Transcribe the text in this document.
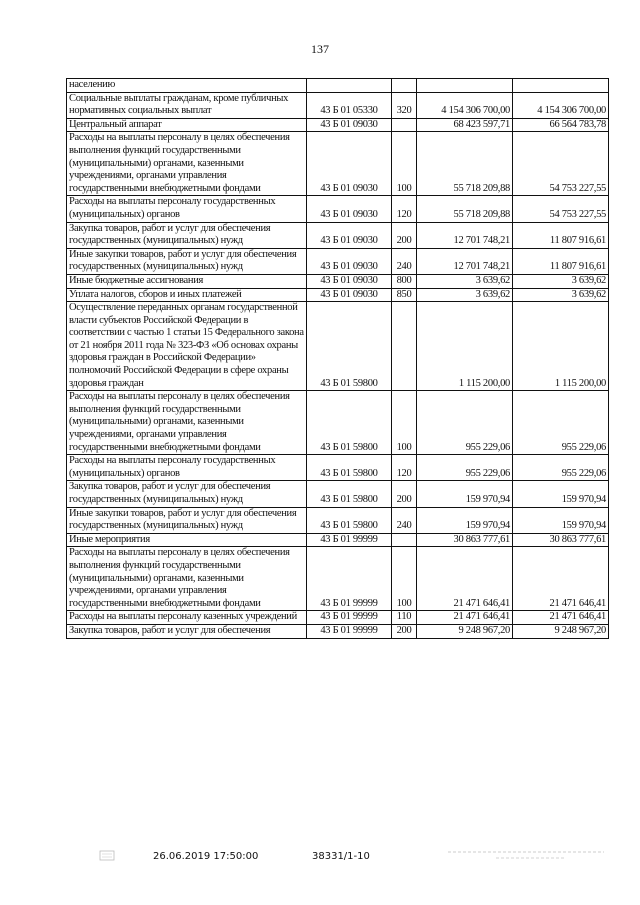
137
населению				
Социальные выплаты гражданам, кроме публичных нормативных социальных выплат	43 Б 01 05330	320	4 154 306 700,00	4 154 306 700,00
Центральный аппарат	43 Б 01 09030		68 423 597,71	66 564 783,78
Расходы на выплаты персоналу в целях обеспечения выполнения функций государственными (муниципальными) органами, казенными учреждениями, органами управления государственными внебюджетными фондами	43 Б 01 09030	100	55 718 209,88	54 753 227,55
Расходы на выплаты персоналу государственных (муниципальных) органов	43 Б 01 09030	120	55 718 209,88	54 753 227,55
Закупка товаров, работ и услуг для обеспечения государственных (муниципальных) нужд	43 Б 01 09030	200	12 701 748,21	11 807 916,61
Иные закупки товаров, работ и услуг для обеспечения государственных (муниципальных) нужд	43 Б 01 09030	240	12 701 748,21	11 807 916,61
Иные бюджетные ассигнования	43 Б 01 09030	800	3 639,62	3 639,62
Уплата налогов, сборов и иных платежей	43 Б 01 09030	850	3 639,62	3 639,62
Осуществление переданных органам государственной власти субъектов Российской Федерации в соответствии с частью 1 статьи 15 Федерального закона от 21 ноября 2011 года № 323-ФЗ «Об основах охраны здоровья граждан в Российской Федерации» полномочий Российской Федерации в сфере охраны здоровья граждан	43 Б 01 59800		1 115 200,00	1 115 200,00
Расходы на выплаты персоналу в целях обеспечения выполнения функций государственными (муниципальными) органами, казенными учреждениями, органами управления государственными внебюджетными фондами	43 Б 01 59800	100	955 229,06	955 229,06
Расходы на выплаты персоналу государственных (муниципальных) органов	43 Б 01 59800	120	955 229,06	955 229,06
Закупка товаров, работ и услуг для обеспечения государственных (муниципальных) нужд	43 Б 01 59800	200	159 970,94	159 970,94
Иные закупки товаров, работ и услуг для обеспечения государственных (муниципальных) нужд	43 Б 01 59800	240	159 970,94	159 970,94
Иные мероприятия	43 Б 01 99999		30 863 777,61	30 863 777,61
Расходы на выплаты персоналу в целях обеспечения выполнения функций государственными (муниципальными) органами, казенными учреждениями, органами управления государственными внебюджетными фондами	43 Б 01 99999	100	21 471 646,41	21 471 646,41
Расходы на выплаты персоналу казенных учреждений	43 Б 01 99999	110	21 471 646,41	21 471 646,41
Закупка товаров, работ и услуг для обеспечения	43 Б 01 99999	200	9 248 967,20	9 248 967,20
26.06.2019 17:50:00	38331/1-10
